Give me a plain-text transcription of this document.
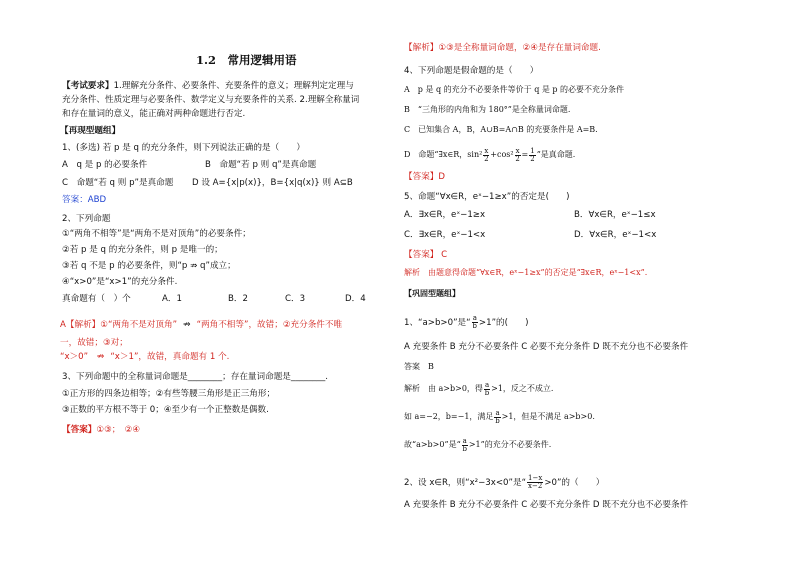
1.2　常用逻辑用语
【考试要求】1.理解充分条件、必要条件、充要条件的意义；理解判定定理与
充分条件、性质定理与必要条件、数学定义与充要条件的关系. 2.理解全称量词
和存在量词的意义，能正确对两种命题进行否定.
【再现型题组】
1、(多选) 若 p 是 q 的充分条件，则下列说法正确的是（　　）
A　q 是 p 的必要条件	B　命题“若 p 则 q”是真命题
C　命题“若 q 则 p”是真命题 D 设 A={x|p(x)}，B={x|q(x)} 则 A⊆B
答案：ABD
2、下列命题
①“两角不相等”是“两角不是对顶角”的必要条件；
②若 p 是 q 的充分条件，则 p 是唯一的；
③若 q 不是 p 的必要条件，则“p ⇏ q”成立；
④“x>0”是“x>1”的充分条件.
真命题有（　）个	A．1	B．2	C．3	D．4
A【解析】①“两角不是对顶角” ⇏ “两角不相等”，故错；②充分条件不唯
一，故错；③对；
“x＞0” ⇏ “x＞1”，故错，真命题有 1 个.
3、下列命题中的全称量词命题是________；存在量词命题是________.
①正方形的四条边相等；②有些等腰三角形是正三角形；
③正数的平方根不等于 0；④至少有一个正整数是偶数.
【答案】①③；　②④
【解析】①③是全称量词命题，②④是存在量词命题.
4、下列命题是假命题的是（　　）
A　p 是 q 的充分不必要条件等价于 q 是 p 的必要不充分条件
B　“三角形的内角和为 180°”是全称量词命题.
C　已知集合 A，B，A∪B=A∩B 的充要条件是 A=B.
D　命题“∃x∈R，$\sin^2 \frac{x}{2} +\cos^2 \frac{x}{2} = \frac{1}{2}$ ”是真命题.
【答案】D
5、命题“∀x∈R，eˣ−1≥x”的否定是(　　)
A．∃x∈R，eˣ−1≥x	B．∀x∈R，eˣ−1≤x
C．∃x∈R，eˣ−1<x	D．∀x∈R，eˣ−1<x
【答案】 C
解析　由题意得命题“∀x∈R，eˣ−1≥x”的否定是“∃x∈R，eˣ−1<x”.
【巩固型题组】
1、“a>b>0”是“ $\frac{a}{b} >1$”的(　　)
A 充要条件 B 充分不必要条件 C 必要不充分条件 D 既不充分也不必要条件
答案　B
解析　由 a>b>0，得 $\frac{a}{b} >1$，反之不成立.
如 a=−2，b=−1，满足 $\frac{a}{b} >1$，但是不满足 a>b>0.
故“a>b>0”是“ $\frac{a}{b} >1$”的充分不必要条件.
2、设 x∈R，则“x²−3x<0”是“ $\frac{1-x}{x-2} >0$”的（　　）
A 充要条件 B 充分不必要条件 C 必要不充分条件 D 既不充分也不必要条件
